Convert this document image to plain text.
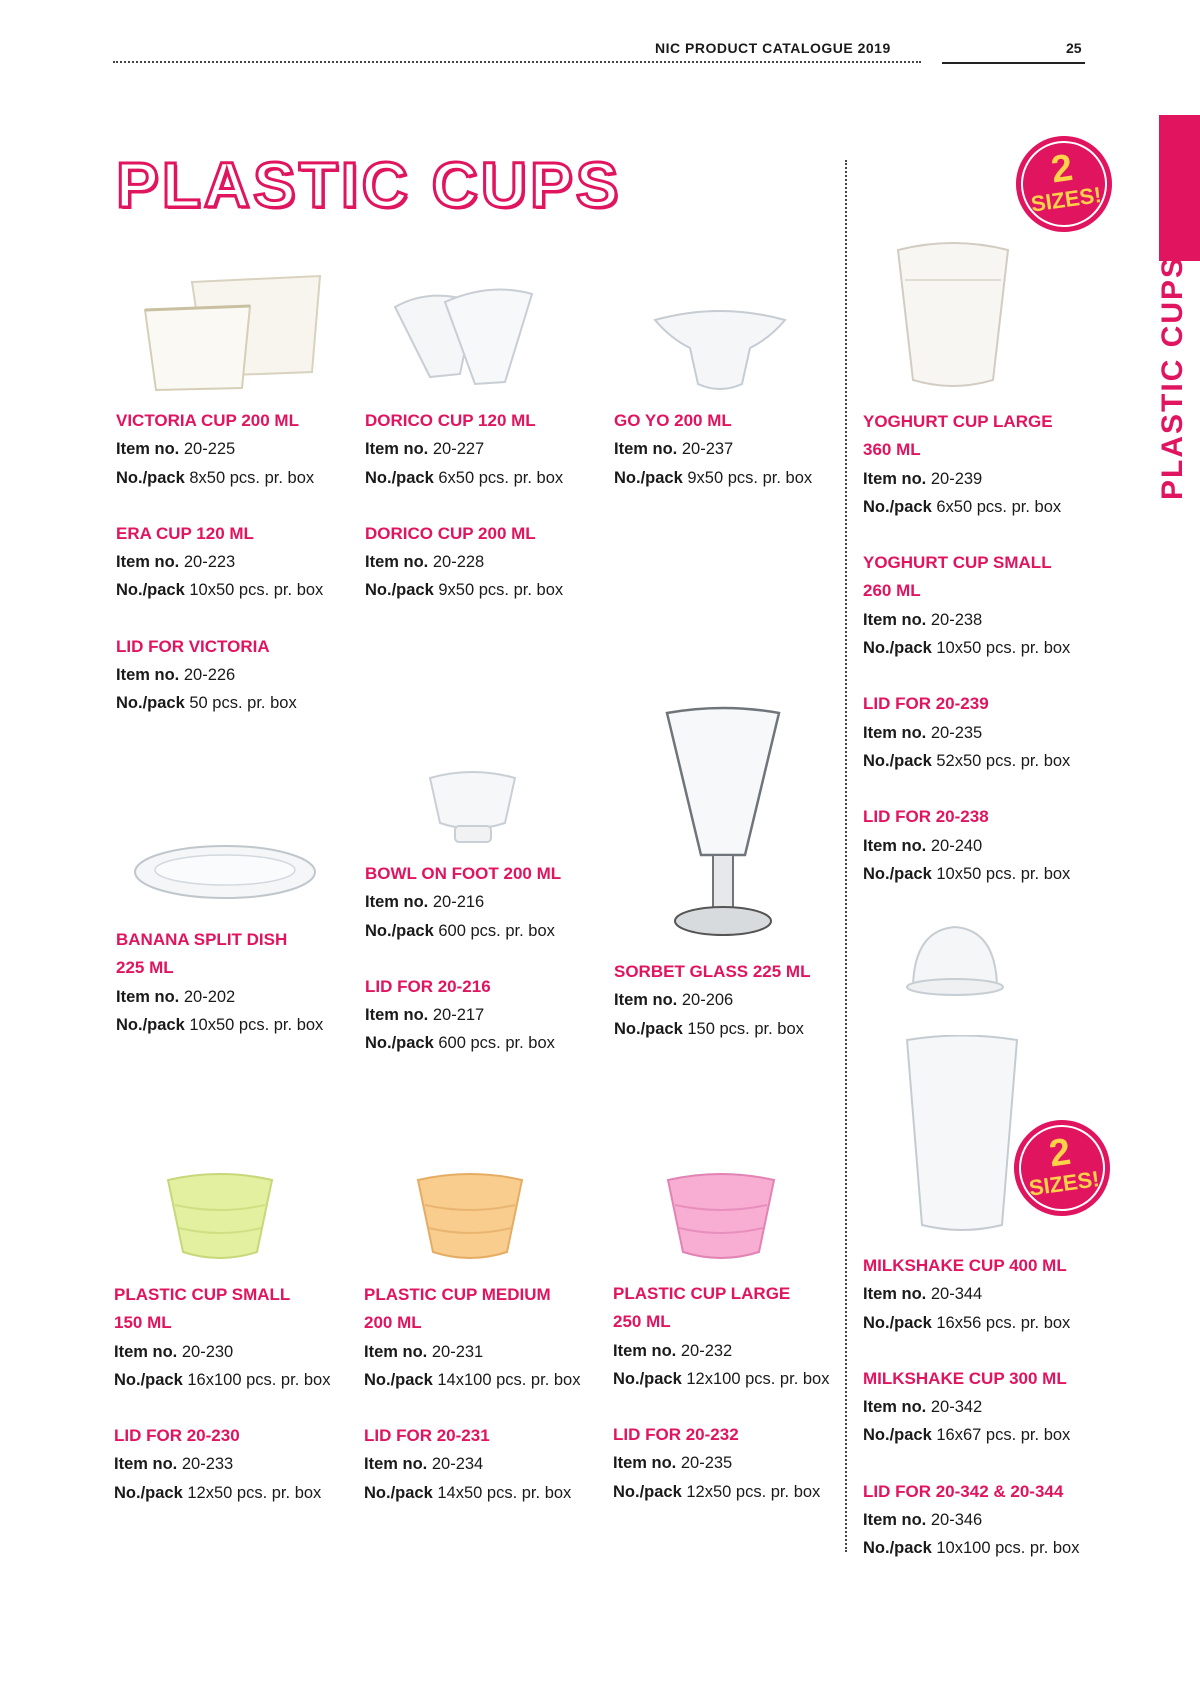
NIC PRODUCT CATALOGUE 2019	25
PLASTIC CUPS
PLASTIC CUPS
2
SIZES!
2
SIZES!
VICTORIA CUP 200 ML
Item no. 20-225
No./pack 8x50 pcs. pr. box
ERA CUP 120 ML
Item no. 20-223
No./pack 10x50 pcs. pr. box
LID FOR VICTORIA
Item no. 20-226
No./pack 50 pcs. pr. box
DORICO CUP 120 ML
Item no. 20-227
No./pack 6x50 pcs. pr. box
DORICO CUP 200 ML
Item no. 20-228
No./pack 9x50 pcs. pr. box
GO YO 200 ML
Item no. 20-237
No./pack 9x50 pcs. pr. box
YOGHURT CUP LARGE
360 ML
Item no. 20-239
No./pack 6x50 pcs. pr. box
YOGHURT CUP SMALL
260 ML
Item no. 20-238
No./pack 10x50 pcs. pr. box
LID FOR 20-239
Item no. 20-235
No./pack 52x50 pcs. pr. box
LID FOR 20-238
Item no. 20-240
No./pack 10x50 pcs. pr. box
BANANA SPLIT DISH
225 ML
Item no. 20-202
No./pack 10x50 pcs. pr. box
BOWL ON FOOT 200 ML
Item no. 20-216
No./pack 600 pcs. pr. box
LID FOR 20-216
Item no. 20-217
No./pack 600 pcs. pr. box
SORBET GLASS 225 ML
Item no. 20-206
No./pack 150 pcs. pr. box
PLASTIC CUP SMALL
150 ML
Item no. 20-230
No./pack 16x100 pcs. pr. box
LID FOR 20-230
Item no. 20-233
No./pack 12x50 pcs. pr. box
PLASTIC CUP MEDIUM
200 ML
Item no. 20-231
No./pack 14x100 pcs. pr. box
LID FOR 20-231
Item no. 20-234
No./pack 14x50 pcs. pr. box
PLASTIC CUP LARGE
250 ML
Item no. 20-232
No./pack 12x100 pcs. pr. box
LID FOR 20-232
Item no. 20-235
No./pack 12x50 pcs. pr. box
MILKSHAKE CUP 400 ML
Item no. 20-344
No./pack 16x56 pcs. pr. box
MILKSHAKE CUP 300 ML
Item no. 20-342
No./pack 16x67 pcs. pr. box
LID FOR 20-342 & 20-344
Item no. 20-346
No./pack 10x100 pcs. pr. box
